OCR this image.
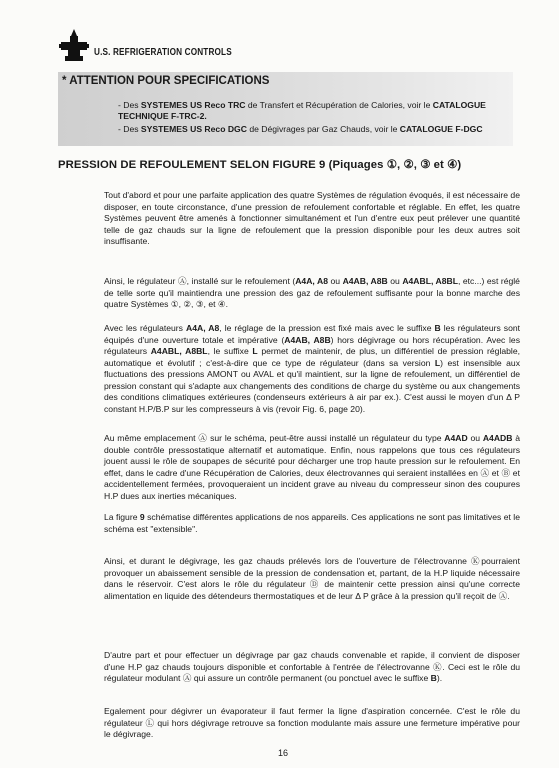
U.S. REFRIGERATION CONTROLS
* ATTENTION POUR SPECIFICATIONS
- Des SYSTEMES US Reco TRC de Transfert et Récupération de Calories, voir le CATALOGUE TECHNIQUE F-TRC-2.
- Des SYSTEMES US Reco DGC de Dégivrages par Gaz Chauds, voir le CATALOGUE F-DGC
PRESSION DE REFOULEMENT SELON FIGURE 9 (Piquages ①, ②, ③ et ④)

Tout d'abord et pour une parfaite application des quatre Systèmes de régulation évoqués, il est nécessaire de disposer, en toute circonstance, d'une pression de refoulement confortable et réglable. En effet, les quatre Systèmes peuvent être amenés à fonctionner simultanément et l'un d'entre eux peut prélever une quantité telle de gaz chauds sur la ligne de refoulement que la pression disponible pour les deux autres soit insuffisante.

Ainsi, le régulateur Ⓐ, installé sur le refoulement (A4A, A8 ou A4AB, A8B ou A4ABL, A8BL, etc...) est réglé de telle sorte qu'il maintiendra une pression des gaz de refoulement suffisante pour la bonne marche des quatre Systèmes ①, ②, ③, et ④.

Avec les régulateurs A4A, A8, le réglage de la pression est fixé mais avec le suffixe B les régulateurs sont équipés d'une ouverture totale et impérative (A4AB, A8B) hors dégivrage ou hors récupération. Avec les régulateurs A4ABL, A8BL, le suffixe L permet de maintenir, de plus, un différentiel de pression réglable, automatique et évolutif ; c'est-à-dire que ce type de régulateur (dans sa version L) est insensible aux fluctuations des pressions AMONT ou AVAL et qu'il maintient, sur la ligne de refoulement, un différentiel de pression constant qui s'adapte aux changements des conditions de charge du système ou aux changements des conditions climatiques extérieures (condenseurs extérieurs à air par ex.). C'est aussi le moyen d'un Δ P constant H.P/B.P sur les compresseurs à vis (revoir Fig. 6, page 20).

Au même emplacement Ⓐ sur le schéma, peut-être aussi installé un régulateur du type A4AD ou A4ADB à double contrôle pressostatique alternatif et automatique. Enfin, nous rappelons que tous ces régulateurs jouent aussi le rôle de soupapes de sécurité pour décharger une trop haute pression sur le refoulement. En effet, dans le cadre d'une Récupération de Calories, deux électrovannes qui seraient installées en Ⓐ et Ⓑ et accidentellement fermées, provoqueraient un incident grave au niveau du compresseur sinon des coupures H.P dues aux inerties mécaniques.

La figure 9 schématise différentes applications de nos appareils. Ces applications ne sont pas limitatives et le schéma est "extensible".

Ainsi, et durant le dégivrage, les gaz chauds prélevés lors de l'ouverture de l'électrovanne Ⓚpourraient provoquer un abaissement sensible de la pression de condensation et, partant, de la H.P liquide nécessaire dans le réservoir. C'est alors le rôle du régulateur Ⓓ de maintenir cette pression ainsi qu'une correcte alimentation en liquide des détendeurs thermostatiques et de leur Δ P grâce à la pression qu'il reçoit de Ⓐ.

D'autre part et pour effectuer un dégivrage par gaz chauds convenable et rapide, il convient de disposer d'une H.P gaz chauds toujours disponible et confortable à l'entrée de l'électrovanne Ⓚ. Ceci est le rôle du régulateur modulant Ⓐ qui assure un contrôle permanent (ou ponctuel avec le suffixe B).

Egalement pour dégivrer un évaporateur il faut fermer la ligne d'aspiration concernée. C'est le rôle du régulateur Ⓛ qui hors dégivrage retrouve sa fonction modulante mais assure une fermeture impérative pour le dégivrage.

16
